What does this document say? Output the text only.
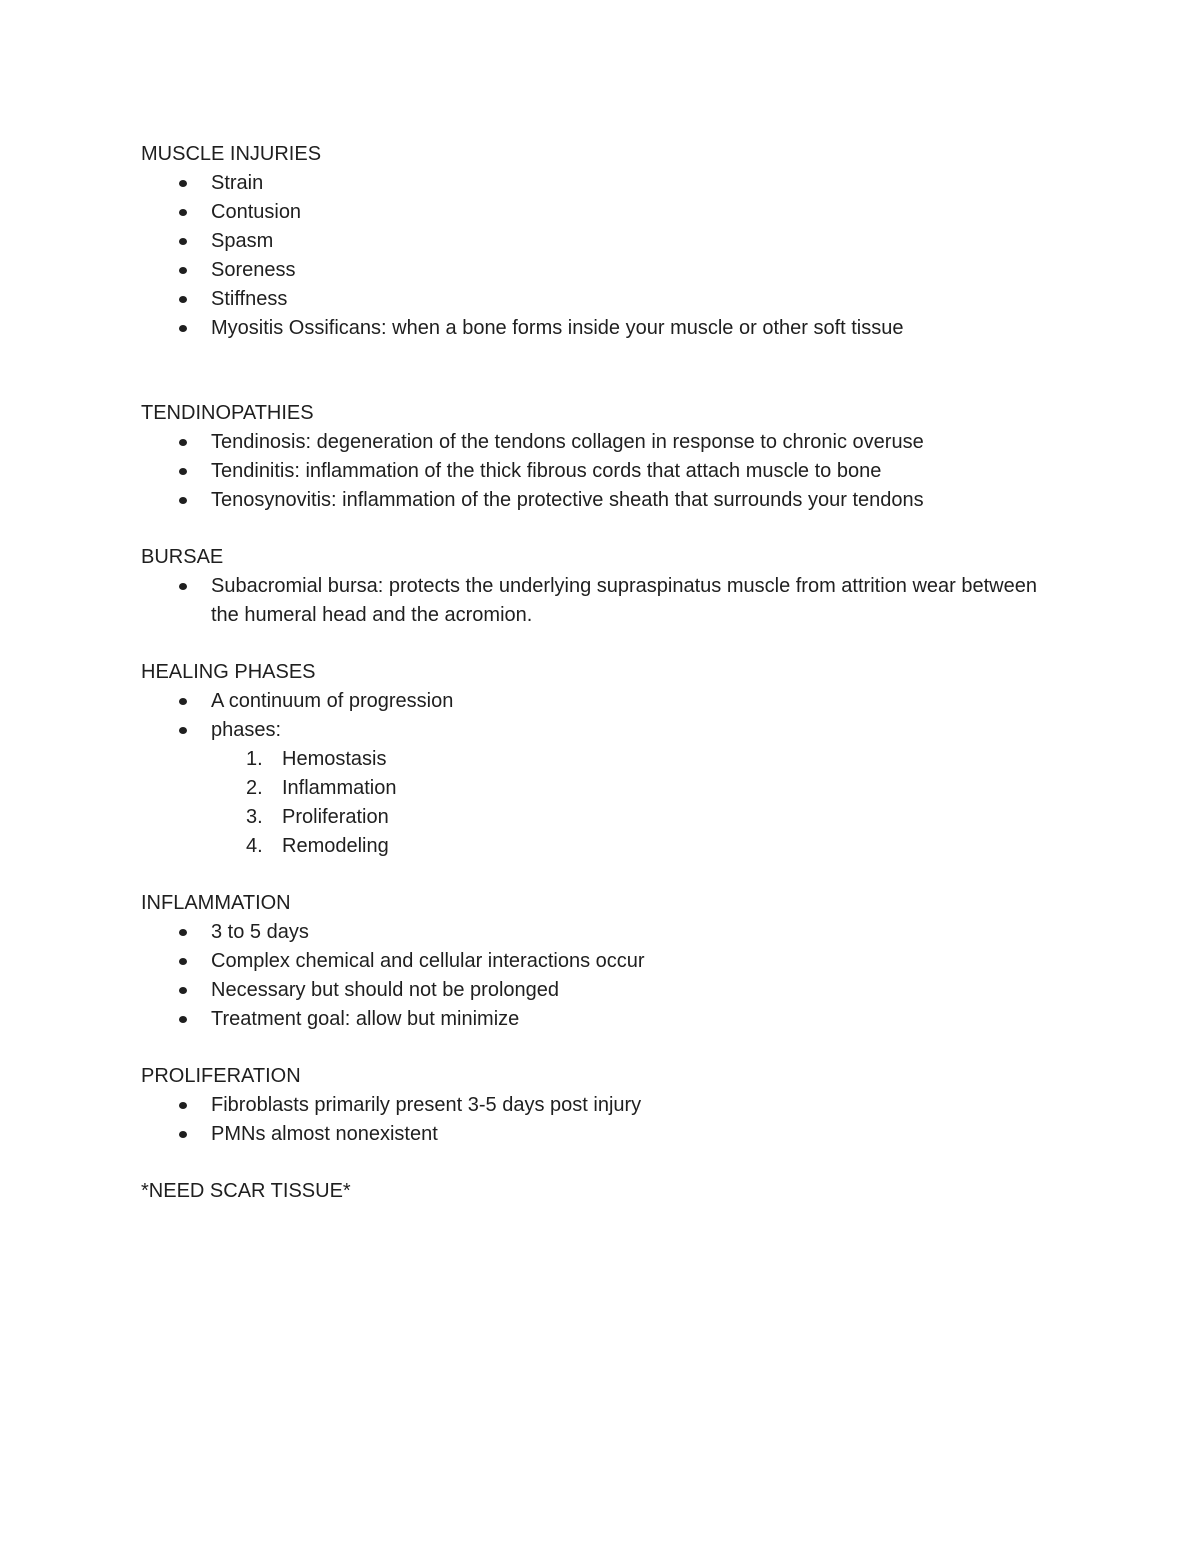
MUSCLE INJURIES

Strain
Contusion
Spasm
Soreness
Stiffness
Myositis Ossificans: when a bone forms inside your muscle or other soft tissue

TENDINOPATHIES

Tendinosis: degeneration of the tendons collagen in response to chronic overuse
Tendinitis: inflammation of the thick fibrous cords that attach muscle to bone
Tenosynovitis: inflammation of the protective sheath that surrounds your tendons

BURSAE

Subacromial bursa: protects the underlying supraspinatus muscle from attrition wear between the humeral head and the acromion.

HEALING PHASES

A continuum of progression
phases:
1. Hemostasis
2. Inflammation
3. Proliferation
4. Remodeling

INFLAMMATION

3 to 5 days
Complex chemical and cellular interactions occur
Necessary but should not be prolonged
Treatment goal: allow but minimize

PROLIFERATION

Fibroblasts primarily present 3-5 days post injury
PMNs almost nonexistent

*NEED SCAR TISSUE*
